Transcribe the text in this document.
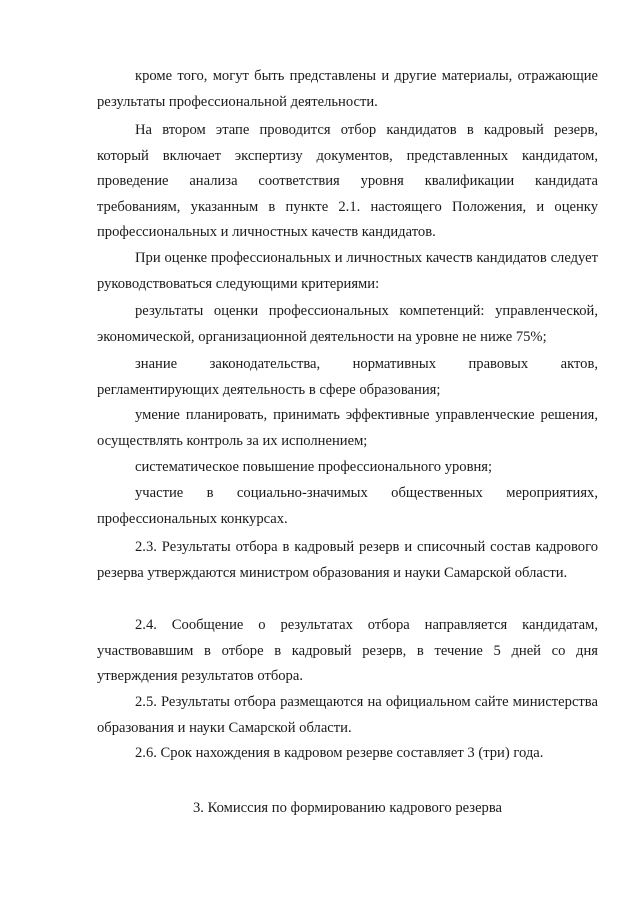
кроме того, могут быть представлены и другие материалы, отражающие результаты профессиональной деятельности.

На втором этапе проводится отбор кандидатов в кадровый резерв, который включает экспертизу документов, представленных кандидатом, проведение анализа соответствия уровня квалификации кандидата требованиям, указанным в пункте 2.1. настоящего Положения, и оценку профессиональных и личностных качеств кандидатов.

При оценке профессиональных и личностных качеств кандидатов следует руководствоваться следующими критериями:

результаты оценки профессиональных компетенций: управленческой, экономической, организационной деятельности на уровне не ниже 75%;

знание законодательства, нормативных правовых актов, регламентирующих деятельность в сфере образования;

умение планировать, принимать эффективные управленческие решения, осуществлять контроль за их исполнением;

систематическое повышение профессионального уровня;

участие в социально-значимых общественных мероприятиях, профессиональных конкурсах.

2.3. Результаты отбора в кадровый резерв и списочный состав кадрового резерва утверждаются министром образования и науки Самарской области.

2.4. Сообщение о результатах отбора направляется кандидатам, участвовавшим в отборе в кадровый резерв, в течение 5 дней со дня утверждения результатов отбора.

2.5. Результаты отбора размещаются на официальном сайте министерства образования и науки Самарской области.

2.6. Срок нахождения в кадровом резерве составляет 3 (три) года.

3. Комиссия по формированию кадрового резерва
